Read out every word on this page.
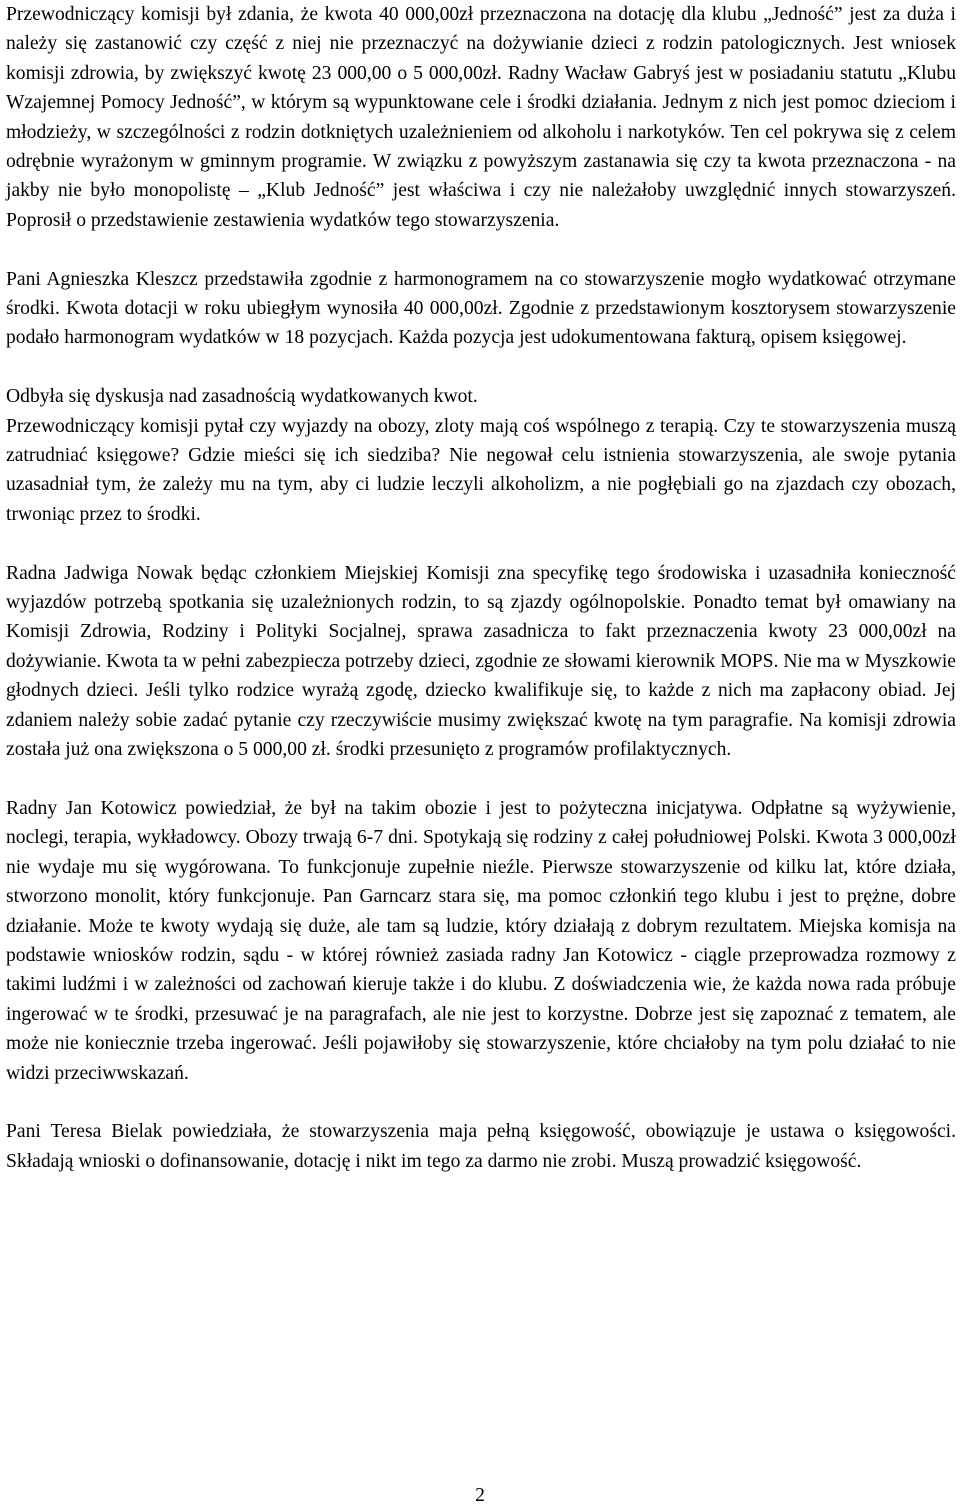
Przewodniczący komisji był zdania, że kwota 40 000,00zł przeznaczona na dotację dla klubu „Jedność” jest za duża i należy się zastanowić czy część z niej nie przeznaczyć na dożywianie dzieci z rodzin patologicznych. Jest wniosek komisji zdrowia, by zwiększyć kwotę 23 000,00 o 5 000,00zł. Radny Wacław Gabryś jest w posiadaniu statutu „Klubu Wzajemnej Pomocy Jedność”, w którym są wypunktowane cele i środki działania. Jednym z nich jest pomoc dzieciom i młodzieży, w szczególności z rodzin dotkniętych uzależnieniem od alkoholu i narkotyków. Ten cel pokrywa się z celem odrębnie wyrażonym w gminnym programie. W związku z powyższym zastanawia się czy ta kwota przeznaczona - na jakby nie było monopolistę – „Klub Jedność” jest właściwa i czy nie należałoby uwzględnić innych stowarzyszeń. Poprosił o przedstawienie zestawienia wydatków tego stowarzyszenia.

Pani Agnieszka Kleszcz przedstawiła zgodnie z harmonogramem na co stowarzyszenie mogło wydatkować otrzymane środki. Kwota dotacji w roku ubiegłym wynosiła 40 000,00zł. Zgodnie z przedstawionym kosztorysem stowarzyszenie podało harmonogram wydatków w 18 pozycjach. Każda pozycja jest udokumentowana fakturą, opisem księgowej.

Odbyła się dyskusja nad zasadnością wydatkowanych kwot.

Przewodniczący komisji pytał czy wyjazdy na obozy, zloty mają coś wspólnego z terapią. Czy te stowarzyszenia muszą zatrudniać księgowe? Gdzie mieści się ich siedziba? Nie negował celu istnienia stowarzyszenia, ale swoje pytania uzasadniał tym, że zależy mu na tym, aby ci ludzie leczyli alkoholizm, a nie pogłębiali go na zjazdach czy obozach, trwoniąc przez to środki.

Radna Jadwiga Nowak będąc członkiem Miejskiej Komisji zna specyfikę tego środowiska i uzasadniła konieczność wyjazdów potrzebą spotkania się uzależnionych rodzin, to są zjazdy ogólnopolskie. Ponadto temat był omawiany na Komisji Zdrowia, Rodziny i Polityki Socjalnej, sprawa zasadnicza to fakt przeznaczenia kwoty 23 000,00zł na dożywianie. Kwota ta w pełni zabezpiecza potrzeby dzieci, zgodnie ze słowami kierownik MOPS. Nie ma w Myszkowie głodnych dzieci. Jeśli tylko rodzice wyrażą zgodę, dziecko kwalifikuje się, to każde z nich ma zapłacony obiad. Jej zdaniem należy sobie zadać pytanie czy rzeczywiście musimy zwiększać kwotę na tym paragrafie. Na komisji zdrowia została już ona zwiększona o 5 000,00 zł. środki przesunięto z programów profilaktycznych.

Radny Jan Kotowicz powiedział, że był na takim obozie i jest to pożyteczna inicjatywa. Odpłatne są wyżywienie, noclegi, terapia, wykładowcy. Obozy trwają 6-7 dni. Spotykają się rodziny z całej południowej Polski. Kwota 3 000,00zł nie wydaje mu się wygórowana. To funkcjonuje zupełnie nieźle. Pierwsze stowarzyszenie od kilku lat, które działa, stworzono monolit, który funkcjonuje. Pan Garncarz stara się, ma pomoc członkiń tego klubu i jest to prężne, dobre działanie. Może te kwoty wydają się duże, ale tam są ludzie, który działają z dobrym rezultatem. Miejska komisja na podstawie wniosków rodzin, sądu - w której również zasiada radny Jan Kotowicz - ciągle przeprowadza rozmowy z takimi ludźmi i w zależności od zachowań kieruje także i do klubu. Z doświadczenia wie, że każda nowa rada próbuje ingerować w te środki, przesuwać je na paragrafach, ale nie jest to korzystne. Dobrze jest się zapoznać z tematem, ale może nie koniecznie trzeba ingerować. Jeśli pojawiłoby się stowarzyszenie, które chciałoby na tym polu działać to nie widzi przeciwwskazań.

Pani Teresa Bielak powiedziała, że stowarzyszenia maja pełną księgowość, obowiązuje je ustawa o księgowości. Składają wnioski o dofinansowanie, dotację i nikt im tego za darmo nie zrobi. Muszą prowadzić księgowość.

2
